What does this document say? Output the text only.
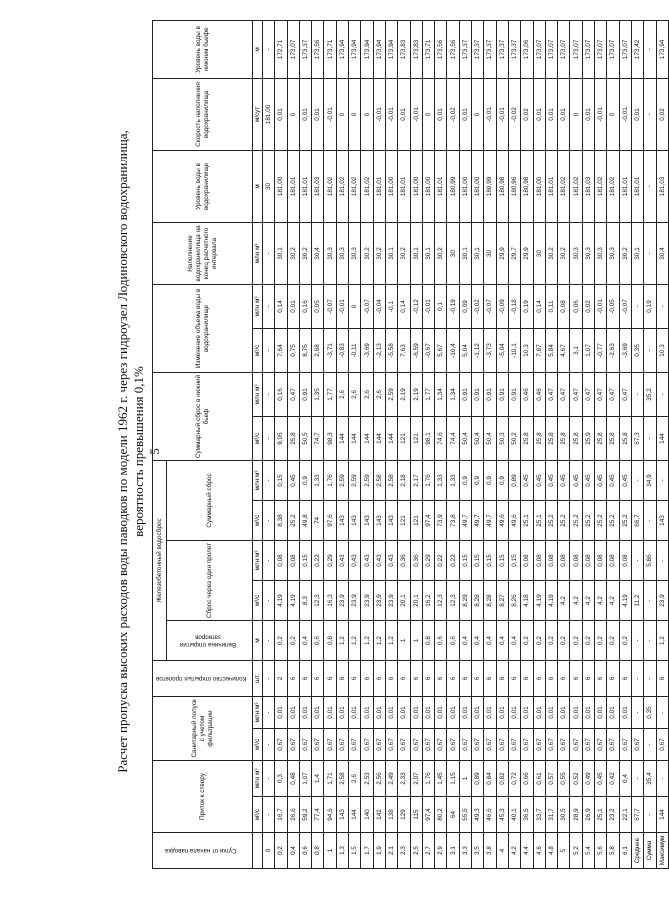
5
Расчет пропуска высоких расходов воды паводков по модели 1962 г. через гидроузел Лодиновского водохранилища, вероятность превышения 0,1%
Сутки от начала паводка	Приток к створу		Санитарный попуск с учетом фильтрации		Количество открытых пролетов	Железобетонный водосброс					Суммарный сброс в нижний бьеф		Изменение объема воды в водохранилище		Наполнение водохранилища на конец расчетного интервала	Уровень воды в водохранилище	Скорость наполнения водохранилища	Уровень воды в нижнем бьефе	
						Величина открытия затворов	Сброс через один пролет		Суммарный сброс										
	м³/с	млн м³	м³/с	млн м³	шт.	м	м³/с	млн м³	м³/с	млн м³	м³/с	млн м³	м³/с	млн м³	млн м³	м	м/сут	м	
0	-	-	-	-	-	-	-	-	-	-	-	-	-	-	-	30	181,00	-	
0,2	16,7	0,3	0,67	0,01	2	0,2	4,19	0,08	8,38	0,15	9,05	0,16	7,64	0,14	30,1	181,00	0,01	172,71	
0,4	26,6	0,48	0,67	0,01	6	0,2	4,19	0,08	25,2	0,45	25,8	0,47	0,75	0,01	30,2	181,01	0	173,07	
0,6	59,2	1,07	0,67	0,01	6	0,4	8,3	0,15	49,8	0,9	50,5	0,91	8,75	0,16	30,2	181,01	0,01	173,37	
0,8	77,4	1,4	0,67	0,01	6	0,6	12,3	0,22	74	1,33	74,7	1,35	2,68	0,05	30,4	181,03	0,01	173,56	
1	94,6	1,71	0,67	0,01	6	0,8	16,3	0,29	97,6	1,76	98,3	1,77	-3,71	-0,07	30,3	181,02	-0,01	173,71	
1,3	143	2,58	0,67	0,01	6	1,2	23,9	0,43	143	2,59	144	2,6	-0,83	-0,01	30,3	181,02	0	173,94	
1,5	144	2,6	0,67	0,01	6	1,2	23,9	0,43	143	2,59	144	2,6	-0,11	0	30,3	181,02	0	173,94	
1,7	140	2,53	0,67	0,01	6	1,2	23,9	0,43	143	2,59	144	2,6	-3,69	-0,07	30,2	181,02	0	173,94	
1,9	142	2,56	0,67	0,01	6	1,2	23,9	0,43	143	2,58	144	2,6	-2,13	-0,04	30,2	181,01	-0,01	173,94	
2,1	138	2,49	0,67	0,01	6	1,2	23,9	0,43	143	2,58	144	2,59	-5,58	-0,1	30,1	181,00	-0,01	173,94	
2,3	129	2,33	0,67	0,01	6	1	20,1	0,36	121	2,18	121	2,19	7,63	0,14	30,2	181,01	0,01	173,83	
2,5	115	2,07	0,67	0,01	6	1	20,1	0,36	121	2,17	121	2,19	-6,59	-0,12	30,1	181,00	-0,01	173,83	
2,7	97,4	1,76	0,67	0,01	6	0,8	16,2	0,29	97,4	1,76	98,1	1,77	-0,67	-0,01	30,1	181,00	0	173,71	
2,9	80,2	1,45	0,67	0,01	6	0,6	12,3	0,22	73,9	1,33	74,6	1,34	5,67	0,1	30,2	181,01	0,01	173,56	
3,1	64	1,15	0,67	0,01	6	0,6	12,3	0,22	73,8	1,33	74,4	1,34	-10,4	-0,19	30	180,99	-0,02	173,56	
3,3	55,5	1	0,67	0,01	6	0,4	8,29	0,15	49,7	0,9	50,4	0,91	5,04	0,09	30,1	181,00	0,01	173,37	
3,5	49,3	0,89	0,67	0,01	6	0,4	8,28	0,15	49,7	0,9	50,4	0,91	-1,12	-0,02	30,1	181,00	0	173,37	
3,8	46,6	0,84	0,67	0,01	6	0,4	8,28	0,15	49,7	0,9	50,4	0,91	-3,73	-0,07	30	180,99	-0,01	173,37	
4	45,3	0,82	0,67	0,01	6	0,4	8,27	0,15	49,6	0,9	50,3	0,91	-5,04	-0,09	29,9	180,98	-0,01	173,37	
4,2	40,1	0,72	0,67	0,01	6	0,4	8,26	0,15	49,6	0,89	50,2	0,91	-10,1	-0,18	29,7	180,96	-0,02	173,37	
4,4	36,5	0,66	0,67	0,01	6	0,2	4,18	0,08	25,1	0,45	25,8	0,46	10,3	0,19	29,9	180,98	0,02	173,06	
4,6	33,7	0,61	0,67	0,01	6	0,2	4,19	0,08	25,1	0,45	25,8	0,46	7,87	0,14	30	181,00	0,01	173,07	
4,8	31,7	0,57	0,67	0,01	6	0,2	4,19	0,08	25,2	0,45	25,8	0,47	5,84	0,11	30,2	181,01	0,01	173,07	
5	30,5	0,55	0,67	0,01	6	0,2	4,2	0,08	25,2	0,45	25,8	0,47	4,67	0,08	30,2	181,02	0,01	173,07	
5,2	28,9	0,52	0,67	0,01	6	0,2	4,2	0,08	25,2	0,45	25,8	0,47	3,1	0,06	30,3	181,02	0	173,07	
5,4	26,9	0,49	0,67	0,01	6	0,2	4,2	0,08	25,2	0,45	25,9	0,47	1,07	0,02	30,3	181,03	0,01	173,07	
5,6	25,1	0,45	0,67	0,01	6	0,2	4,2	0,08	25,2	0,45	25,8	0,47	-0,77	-0,01	30,3	181,02	-0,01	173,07	
5,8	23,2	0,42	0,67	0,01	6	0,2	4,2	0,08	25,2	0,45	25,8	0,47	-2,63	-0,05	30,3	181,02	0	173,07	
6,1	22,1	0,4	0,67	0,01	6	0,2	4,19	0,08	25,2	0,45	25,8	0,47	-3,69	-0,07	30,2	181,01	-0,01	173,07	
Среднее	67,7	-	0,67	-	-	-	11,2	-	66,7	-	67,3	-	0,35	-	30,1	181,01	0,01	173,42	
Сумма	-	35,4	-	0,35	-	-	-	5,86	-	34,9	-	35,2	-	0,19	-	-	-	-	
Максимум	144	-	0,67	-	6	1,2	23,9	-	143	-	144	-	10,3	-	30,4	181,03	0,02	173,94	
